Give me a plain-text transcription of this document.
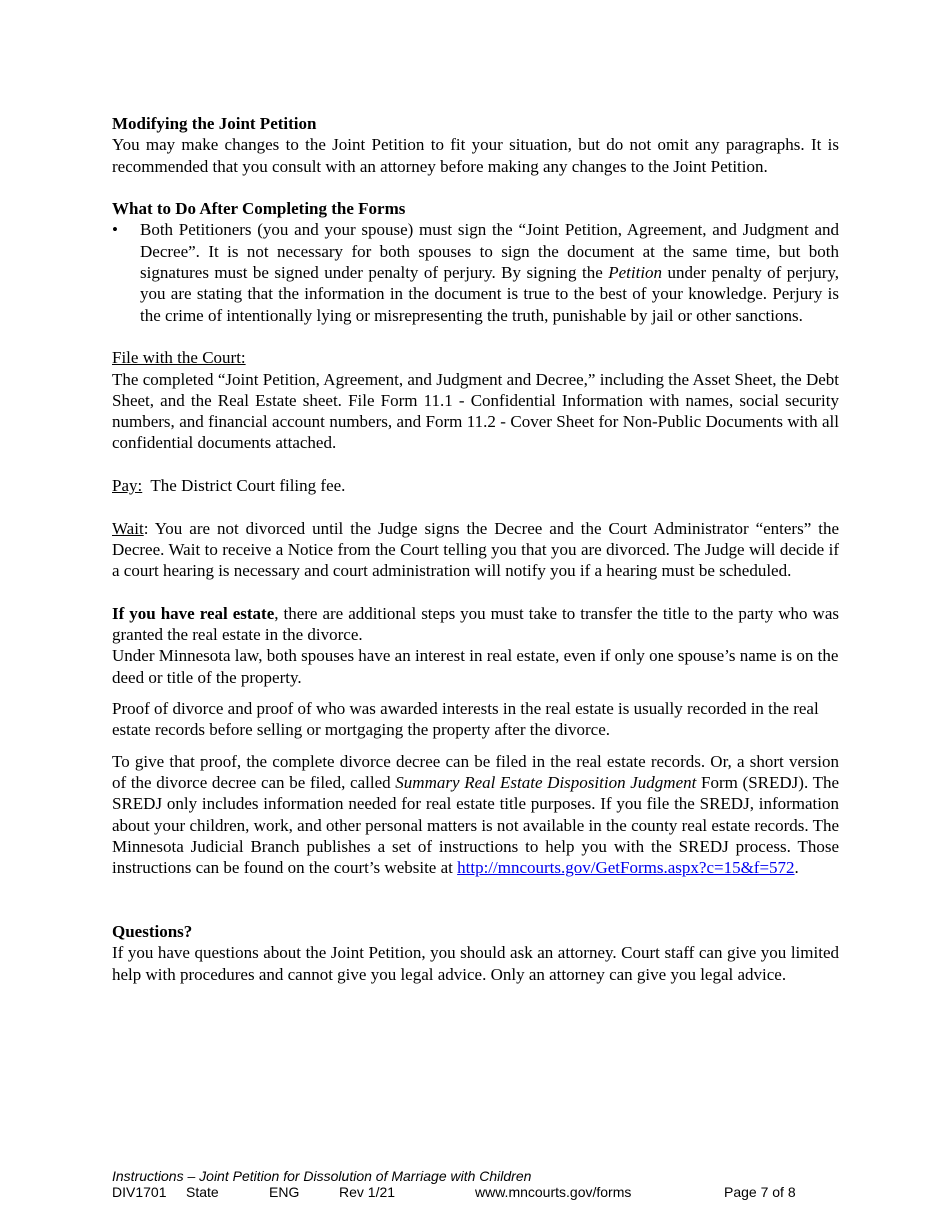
Modifying the Joint Petition

You may make changes to the Joint Petition to fit your situation, but do not omit any paragraphs. It is recommended that you consult with an attorney before making any changes to the Joint Petition.

What to Do After Completing the Forms
•	Both Petitioners (you and your spouse) must sign the “Joint Petition, Agreement, and Judgment and Decree”. It is not necessary for both spouses to sign the document at the same time, but both signatures must be signed under penalty of perjury. By signing the Petition under penalty of perjury, you are stating that the information in the document is true to the best of your knowledge. Perjury is the crime of intentionally lying or misrepresenting the truth, punishable by jail or other sanctions.

File with the Court:

The completed “Joint Petition, Agreement, and Judgment and Decree,” including the Asset Sheet, the Debt Sheet, and the Real Estate sheet. File Form 11.1 - Confidential Information with names, social security numbers, and financial account numbers, and Form 11.2 - Cover Sheet for Non-Public Documents with all confidential documents attached.

Pay:  The District Court filing fee.

Wait: You are not divorced until the Judge signs the Decree and the Court Administrator “enters” the Decree. Wait to receive a Notice from the Court telling you that you are divorced. The Judge will decide if a court hearing is necessary and court administration will notify you if a hearing must be scheduled.

If you have real estate, there are additional steps you must take to transfer the title to the party who was granted the real estate in the divorce.

Under Minnesota law, both spouses have an interest in real estate, even if only one spouse’s name is on the deed or title of the property.

Proof of divorce and proof of who was awarded interests in the real estate is usually recorded in the real estate records before selling or mortgaging the property after the divorce.

To give that proof, the complete divorce decree can be filed in the real estate records. Or, a short version of the divorce decree can be filed, called Summary Real Estate Disposition Judgment Form (SREDJ). The SREDJ only includes information needed for real estate title purposes. If you file the SREDJ, information about your children, work, and other personal matters is not available in the county real estate records. The Minnesota Judicial Branch publishes a set of instructions to help you with the SREDJ process. Those instructions can be found on the court’s website at http://mncourts.gov/GetForms.aspx?c=15&f=572.

Questions?

If you have questions about the Joint Petition, you should ask an attorney. Court staff can give you limited help with procedures and cannot give you legal advice. Only an attorney can give you legal advice.

Instructions – Joint Petition for Dissolution of Marriage with Children
DIV1701 State	ENG	Rev 1/21	www.mncourts.gov/forms	Page 7 of 8
